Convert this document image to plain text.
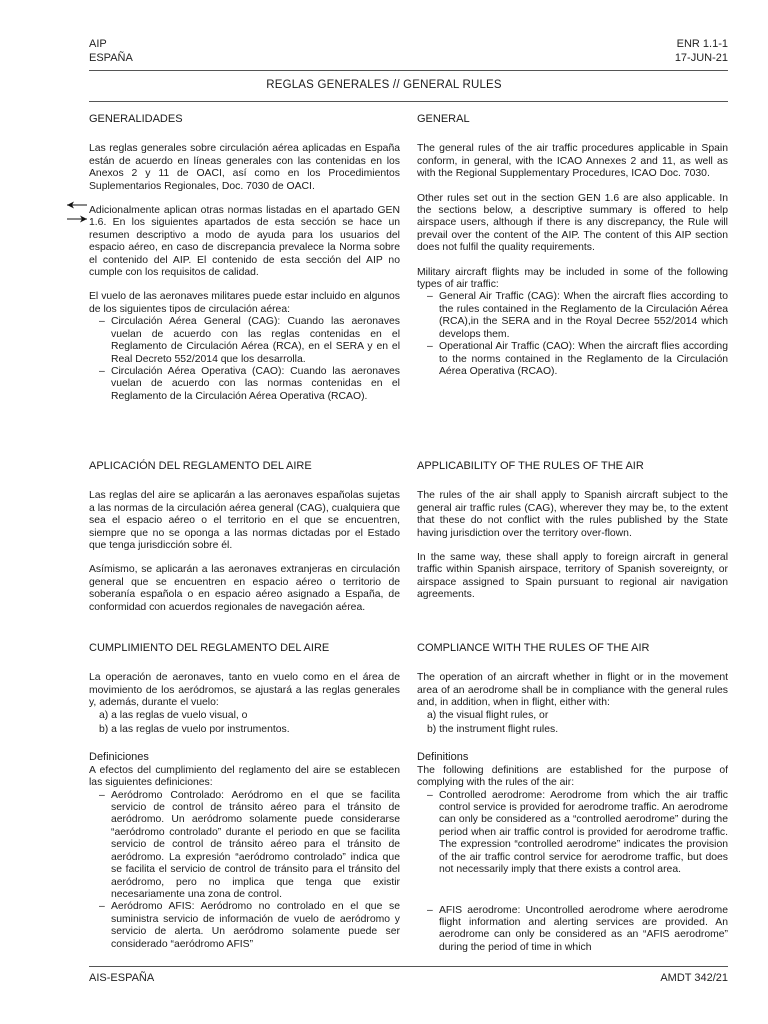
AIP
ESPAÑA
ENR 1.1-1
17-JUN-21
REGLAS GENERALES // GENERAL RULES
GENERALIDADES
Las reglas generales sobre circulación aérea aplicadas en España están de acuerdo en líneas generales con las contenidas en los Anexos 2 y 11 de OACI, así como en los Procedimientos Suplementarios Regionales, Doc. 7030 de OACI.
Adicionalmente aplican otras normas listadas en el apartado GEN 1.6. En los siguientes apartados de esta sección se hace un resumen descriptivo a modo de ayuda para los usuarios del espacio aéreo, en caso de discrepancia prevalece la Norma sobre el contenido del AIP. El contenido de esta sección del AIP no cumple con los requisitos de calidad.
El vuelo de las aeronaves militares puede estar incluido en algunos de los siguientes tipos de circulación aérea:
– Circulación Aérea General (CAG): Cuando las aeronaves vuelan de acuerdo con las reglas contenidas en el Reglamento de Circulación Aérea (RCA), en el SERA y en el Real Decreto 552/2014 que los desarrolla.
– Circulación Aérea Operativa (CAO): Cuando las aeronaves vuelan de acuerdo con las normas contenidas en el Reglamento de la Circulación Aérea Operativa (RCAO).
APLICACIÓN DEL REGLAMENTO DEL AIRE
Las reglas del aire se aplicarán a las aeronaves españolas sujetas a las normas de la circulación aérea general (CAG), cualquiera que sea el espacio aéreo o el territorio en el que se encuentren, siempre que no se oponga a las normas dictadas por el Estado que tenga jurisdicción sobre él.
Asímismo, se aplicarán a las aeronaves extranjeras en circulación general que se encuentren en espacio aéreo o territorio de soberanía española o en espacio aéreo asignado a España, de conformidad con acuerdos regionales de navegación aérea.
CUMPLIMIENTO DEL REGLAMENTO DEL AIRE
La operación de aeronaves, tanto en vuelo como en el área de movimiento de los aeródromos, se ajustará a las reglas generales y, además, durante el vuelo:
a) a las reglas de vuelo visual, o
b) a las reglas de vuelo por instrumentos.
Definiciones
A efectos del cumplimiento del reglamento del aire se establecen las siguientes definiciones:
– Aeródromo Controlado: Aeródromo en el que se facilita servicio de control de tránsito aéreo para el tránsito de aeródromo. Un aeródromo solamente puede considerarse “aeródromo controlado” durante el periodo en que se facilita servicio de control de tránsito aéreo para el tránsito de aeródromo. La expresión “aeródromo controlado” indica que se facilita el servicio de control de tránsito para el tránsito del aeródromo, pero no implica que tenga que existir necesariamente una zona de control.
– Aeródromo AFIS: Aeródromo no controlado en el que se suministra servicio de información de vuelo de aeródromo y servicio de alerta. Un aeródromo solamente puede ser considerado “aeródromo AFIS”
GENERAL
The general rules of the air traffic procedures applicable in Spain conform, in general, with the ICAO Annexes 2 and 11, as well as with the Regional Supplementary Procedures, ICAO Doc. 7030.
Other rules set out in the section GEN 1.6 are also applicable. In the sections below, a descriptive summary is offered to help airspace users, although if there is any discrepancy, the Rule will prevail over the content of the AIP. The content of this AIP section does not fulfil the quality requirements.
Military aircraft flights may be included in some of the following types of air traffic:
– General Air Traffic (CAG): When the aircraft flies according to the rules contained in the Reglamento de la Circulación Aérea (RCA),in the SERA and in the Royal Decree 552/2014 which develops them.
– Operational Air Traffic (CAO): When the aircraft flies according to the norms contained in the Reglamento de la Circulación Aérea Operativa (RCAO).
APPLICABILITY OF THE RULES OF THE AIR
The rules of the air shall apply to Spanish aircraft subject to the general air traffic rules (CAG), wherever they may be, to the extent that these do not conflict with the rules published by the State having jurisdiction over the territory over-flown.
In the same way, these shall apply to foreign aircraft in general traffic within Spanish airspace, territory of Spanish sovereignty, or airspace assigned to Spain pursuant to regional air navigation agreements.
COMPLIANCE WITH THE RULES OF THE AIR
The operation of an aircraft whether in flight or in the movement area of an aerodrome shall be in compliance with the general rules and, in addition, when in flight, either with:
a) the visual flight rules, or
b) the instrument flight rules.
Definitions
The following definitions are established for the purpose of complying with the rules of the air:
– Controlled aerodrome: Aerodrome from which the air traffic control service is provided for aerodrome traffic. An aerodrome can only be considered as a “controlled aerodrome” during the period when air traffic control is provided for aerodrome traffic. The expression “controlled aerodrome” indicates the provision of the air traffic control service for aerodrome traffic, but does not necessarily imply that there exists a control area.
– AFIS aerodrome: Uncontrolled aerodrome where aerodrome flight information and alerting services are provided. An aerodrome can only be considered as an “AFIS aerodrome” during the period of time in which
AIS-ESPAÑA	AMDT 342/21
